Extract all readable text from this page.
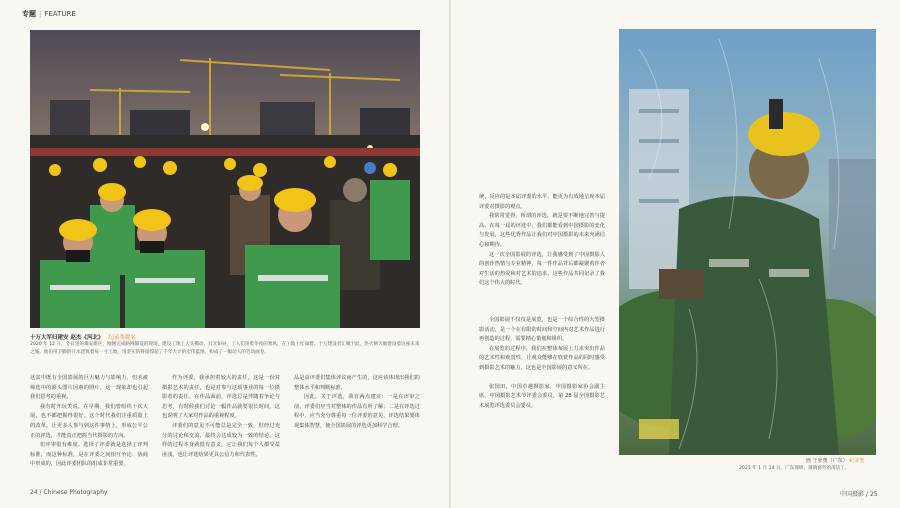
专题 | FEATURE
十万大军归建安 赵杰《河北》 纪录类提名
2020 年 12 月，冬日里的雄安新区，刚刚完成路网铺设的现场，建设工地上人头攒动、灯光如昼，工人们顶着冬夜的寒风，在工地上忙碌着。十万建设者汇聚于此，热火朝天地建设着这座未来之城。他们用辛勤的汗水浇筑着每一寸土地，用坚实的脊梁撑起了千年大计的宏伟蓝图，构成了一幅动人的劳动画卷。

这其中既有全国影展的巨大魅力与影响力，但未被筛选中的源头图片因素的照片，这一现象却也引起我们思考的重视。

我有时开玩笑说，在早期，我们曾组织十次大展，也不都把握得很好。这个时代我们注重质量上的改革。让更多人参与到这件事情上，形成公平公正的评选，才能真正把握当代摄影的方向。

但评审很有难度。选择了评委就是选择了评判标准，而这种标准，是在评委之间相互争论、协商中形成的，因此评委团队的组成非常重要。

作为评委，我承担着较大的责任。这是一份对摄影艺术的责任，也是对参与这项事业的每一位摄影者的责任。在作品面前，评选总是伴随着争论与思考，有时候我们讨论一幅作品就要很长时间，这也说明了大家对作品的重视程度。

评委们的意见不可能总是完全一致，但经过充分的讨论和交流，最终会达成较为一致的结论。这样的过程本身就很有意义，它让我们每个人都受益匪浅，也让评选结果更具公信力和代表性。

品是由评委们集体评议而产生的，这应该体现出我们的整体水平和判断标准。

因此，关于评选，我有两点建议：一是在评审之前，评委们应当对整体的作品有所了解；二是在评选过程中，应当充分尊重每一位评委的意见，评选结果要体现集体智慧，使全国影展的评选更加科学合理。

24 / Chinese Photography

统，反应的是本届评委的水平，能更为有效地呈现本届评委对摄影的观点。

我常常觉得，所谓的评选，就是要不断地完善与提高。在每一届的评选中，我们都能看到中国摄影的变化与发展，这些优秀作品让我们对中国摄影的未来充满信心和期待。

这一次全国影展的评选，让我感受到了中国摄影人的创作热情与专业精神，每一件作品背后都凝聚着作者对生活的热爱和对艺术的追求，这些作品共同记录了我们这个伟大的时代。

全国影展不仅仅是展览，也是一个综合性的大型摄影活动，是一个在有限的时间和空间内对艺术作品进行再创造的过程，需要精心策划和组织。

在展览的过程中，我们在整体布展上力求突出作品的艺术性和观赏性，让观众能够在欣赏作品的同时感受到摄影艺术的魅力，这也是全国影展的意义所在。

张国田，中国卓越摄影家，中国摄影家协会副主席，中国摄影艺术节评委会委员，第 28 届全国摄影艺术展览评选委员会委员。

画 王亚奥（广东） 纪录类
2021 年 1 月 14 日，广东深圳，玻璃窗外的清洁工。
中国摄影 / 25
